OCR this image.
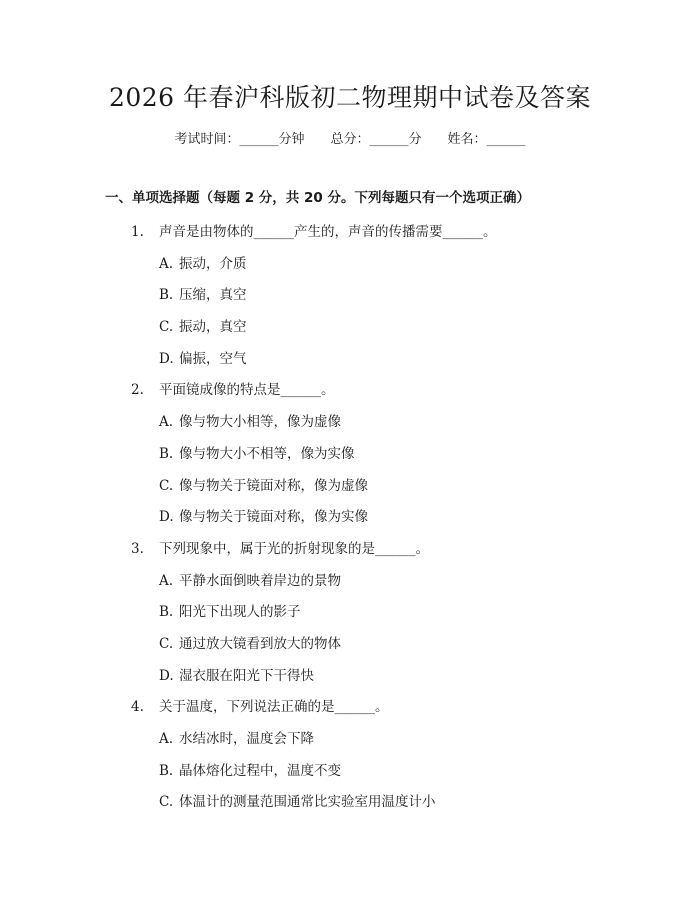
2026 年春沪科版初二物理期中试卷及答案
考试时间：______分钟 总分：______分 姓名：______
一、单项选择题（每题 2 分，共 20 分。下列每题只有一个选项正确）
1. 声音是由物体的______产生的，声音的传播需要______。
A. 振动，介质
B. 压缩，真空
C. 振动，真空
D. 偏振，空气
2. 平面镜成像的特点是______。
A. 像与物大小相等，像为虚像
B. 像与物大小不相等，像为实像
C. 像与物关于镜面对称，像为虚像
D. 像与物关于镜面对称，像为实像
3. 下列现象中，属于光的折射现象的是______。
A. 平静水面倒映着岸边的景物
B. 阳光下出现人的影子
C. 通过放大镜看到放大的物体
D. 湿衣服在阳光下干得快
4. 关于温度，下列说法正确的是______。
A. 水结冰时，温度会下降
B. 晶体熔化过程中，温度不变
C. 体温计的测量范围通常比实验室用温度计小
